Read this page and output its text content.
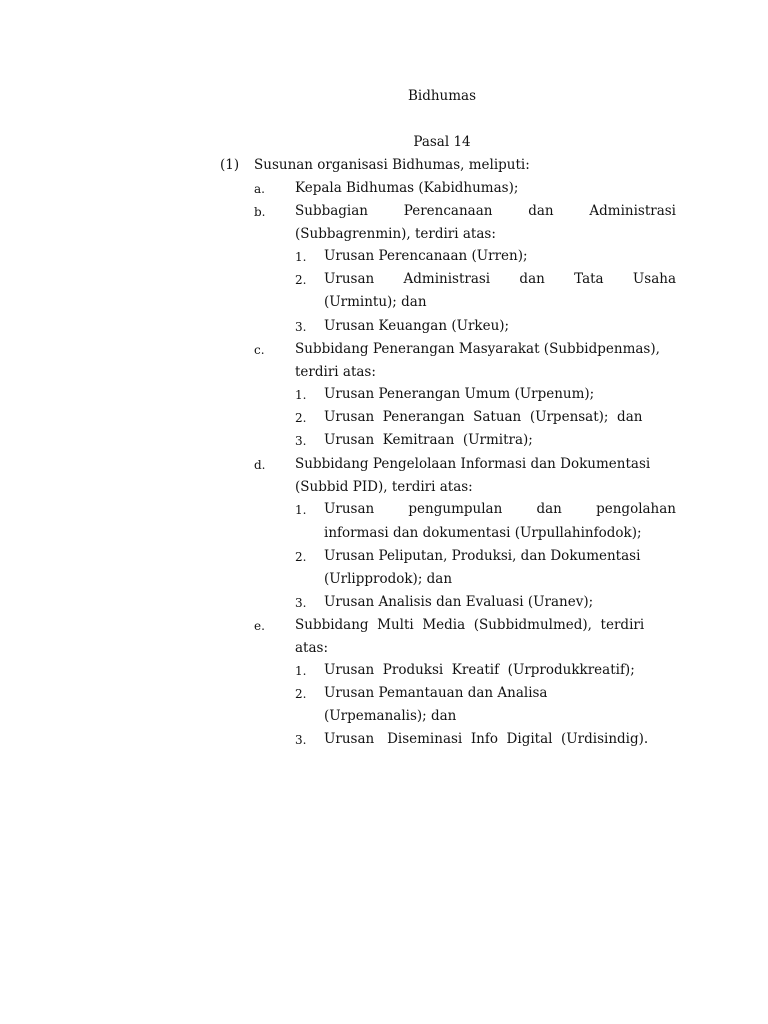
Bidhumas
Pasal 14
(1) Susunan organisasi Bidhumas, meliputi:
a. Kepala Bidhumas (Kabidhumas);
b. Subbagian Perencanaan dan Administrasi
(Subbagrenmin), terdiri atas:
1. Urusan Perencanaan (Urren);
2. Urusan Administrasi dan Tata Usaha
(Urmintu); dan
3. Urusan Keuangan (Urkeu);
c. Subbidang Penerangan Masyarakat (Subbidpenmas),
terdiri atas:
1. Urusan Penerangan Umum (Urpenum);
2. Urusan  Penerangan  Satuan  (Urpensat);  dan
3. Urusan  Kemitraan  (Urmitra);
d. Subbidang Pengelolaan Informasi dan Dokumentasi
(Subbid PID), terdiri atas:
1. Urusan pengumpulan dan pengolahan
informasi dan dokumentasi (Urpullahinfodok);
2. Urusan Peliputan, Produksi, dan Dokumentasi
(Urlipprodok); dan
3. Urusan Analisis dan Evaluasi (Uranev);
e. Subbidang  Multi  Media  (Subbidmulmed),  terdiri
atas:
1. Urusan  Produksi  Kreatif  (Urprodukkreatif);
2. Urusan Pemantauan dan Analisa
(Urpemanalis); dan
3. Urusan   Diseminasi  Info  Digital  (Urdisindig).
